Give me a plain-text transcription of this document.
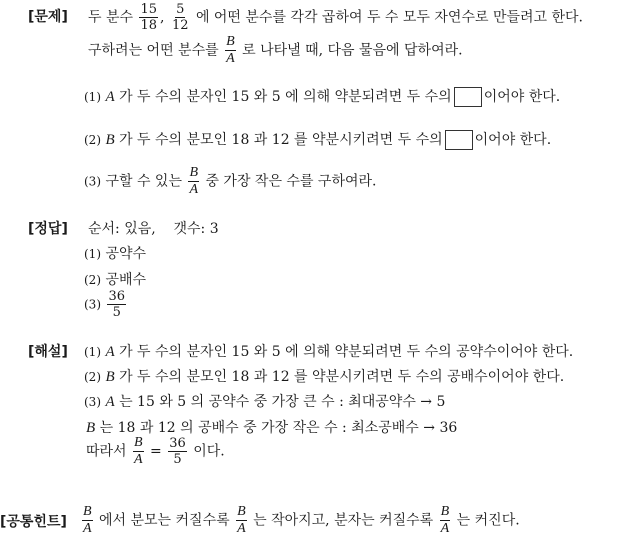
[문제] 두 분수 $\frac{15}{18}$ , $\frac{5}{12}$ 에 어떤 분수를 각각 곱하여 두 수 모두 자연수로 만들려고 한다.
구하려는 어떤 분수를 $\frac{B}{A}$ 로 나타낼 때, 다음 물음에 답하여라.
(1) A 가 두 수의 분자인 15 와 5 에 의해 약분되려면 두 수의 이어야 한다.
(2) B 가 두 수의 분모인 18 과 12 를 약분시키려면 두 수의 이어야 한다.
(3) 구할 수 있는 $\frac{B}{A}$ 중 가장 작은 수를 구하여라.
[정답] 순서: 있음,    갯수: 3
(1) 공약수
(2) 공배수
$(3) \frac{36}{5}$
[해설] (1) A 가 두 수의 분자인 15 와 5 에 의해 약분되려면 두 수의 공약수이어야 한다.
(2) B 가 두 수의 분모인 18 과 12 를 약분시키려면 두 수의 공배수이어야 한다.
(3) A 는 15 와 5 의 공약수 중 가장 큰 수 : 최대공약수 → 5
B 는 18 과 12 의 공배수 중 가장 작은 수 : 최소공배수 → 36
따라서 $\frac{B}{A} = \frac{36}{5}$ 이다.
[공통힌트] $\frac{B}{A}$ 에서 분모는 커질수록 $\frac{B}{A}$ 는 작아지고, 분자는 커질수록 $\frac{B}{A}$ 는 커진다.
